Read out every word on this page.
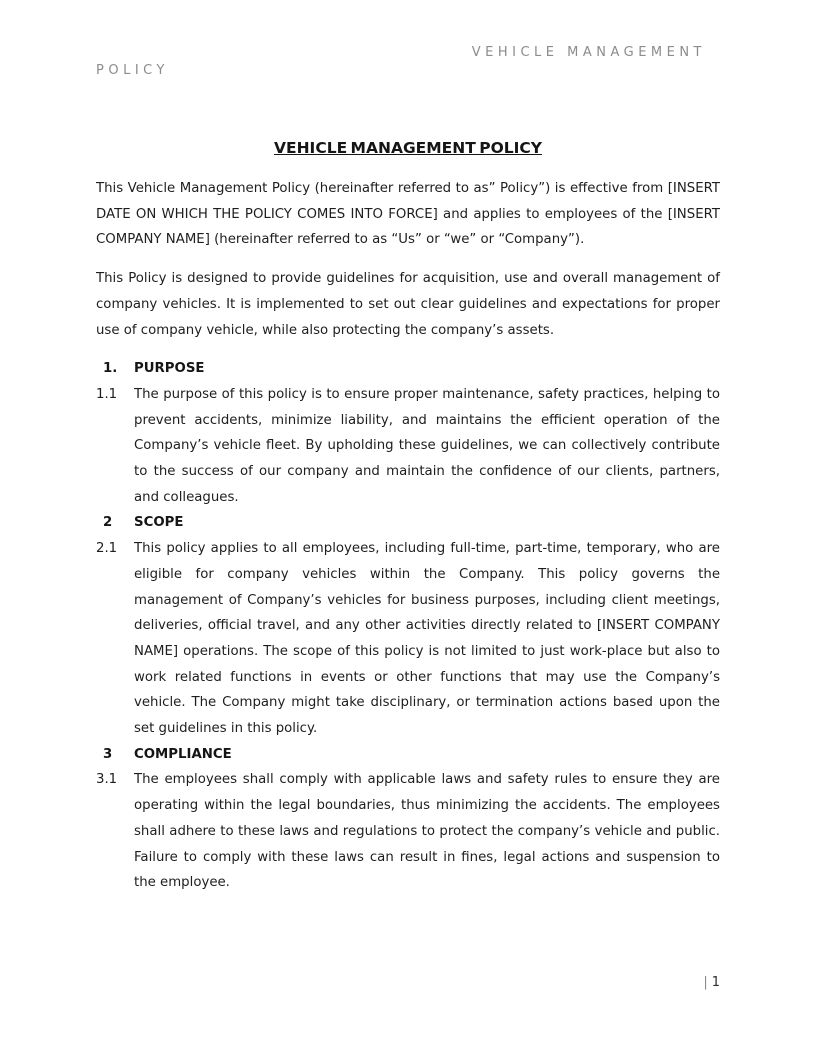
VEHICLE MANAGEMENT
POLICY
VEHICLE MANAGEMENT POLICY

This Vehicle Management Policy (hereinafter referred to as” Policy”) is effective from [INSERT DATE ON WHICH THE POLICY COMES INTO FORCE] and applies to employees of the [INSERT COMPANY NAME] (hereinafter referred to as “Us” or “we” or “Company”).

This Policy is designed to provide guidelines for acquisition, use and overall management of company vehicles. It is implemented to set out clear guidelines and expectations for proper use of company vehicle, while also protecting the company’s assets.

1.	PURPOSE
1.1	The purpose of this policy is to ensure proper maintenance, safety practices, helping to prevent accidents, minimize liability, and maintains the efficient operation of the Company’s vehicle fleet. By upholding these guidelines, we can collectively contribute to the success of our company and maintain the confidence of our clients, partners, and colleagues.
2	SCOPE
2.1	This policy applies to all employees, including full-time, part-time, temporary, who are eligible for company vehicles within the Company. This policy governs the management of Company’s vehicles for business purposes, including client meetings, deliveries, official travel, and any other activities directly related to [INSERT COMPANY NAME] operations. The scope of this policy is not limited to just work-place but also to work related functions in events or other functions that may use the Company’s vehicle. The Company might take disciplinary, or termination actions based upon the set guidelines in this policy.
3	COMPLIANCE
3.1	The employees shall comply with applicable laws and safety rules to ensure they are operating within the legal boundaries, thus minimizing the accidents. The employees shall adhere to these laws and regulations to protect the company’s vehicle and public. Failure to comply with these laws can result in fines, legal actions and suspension to the employee.
| 1
